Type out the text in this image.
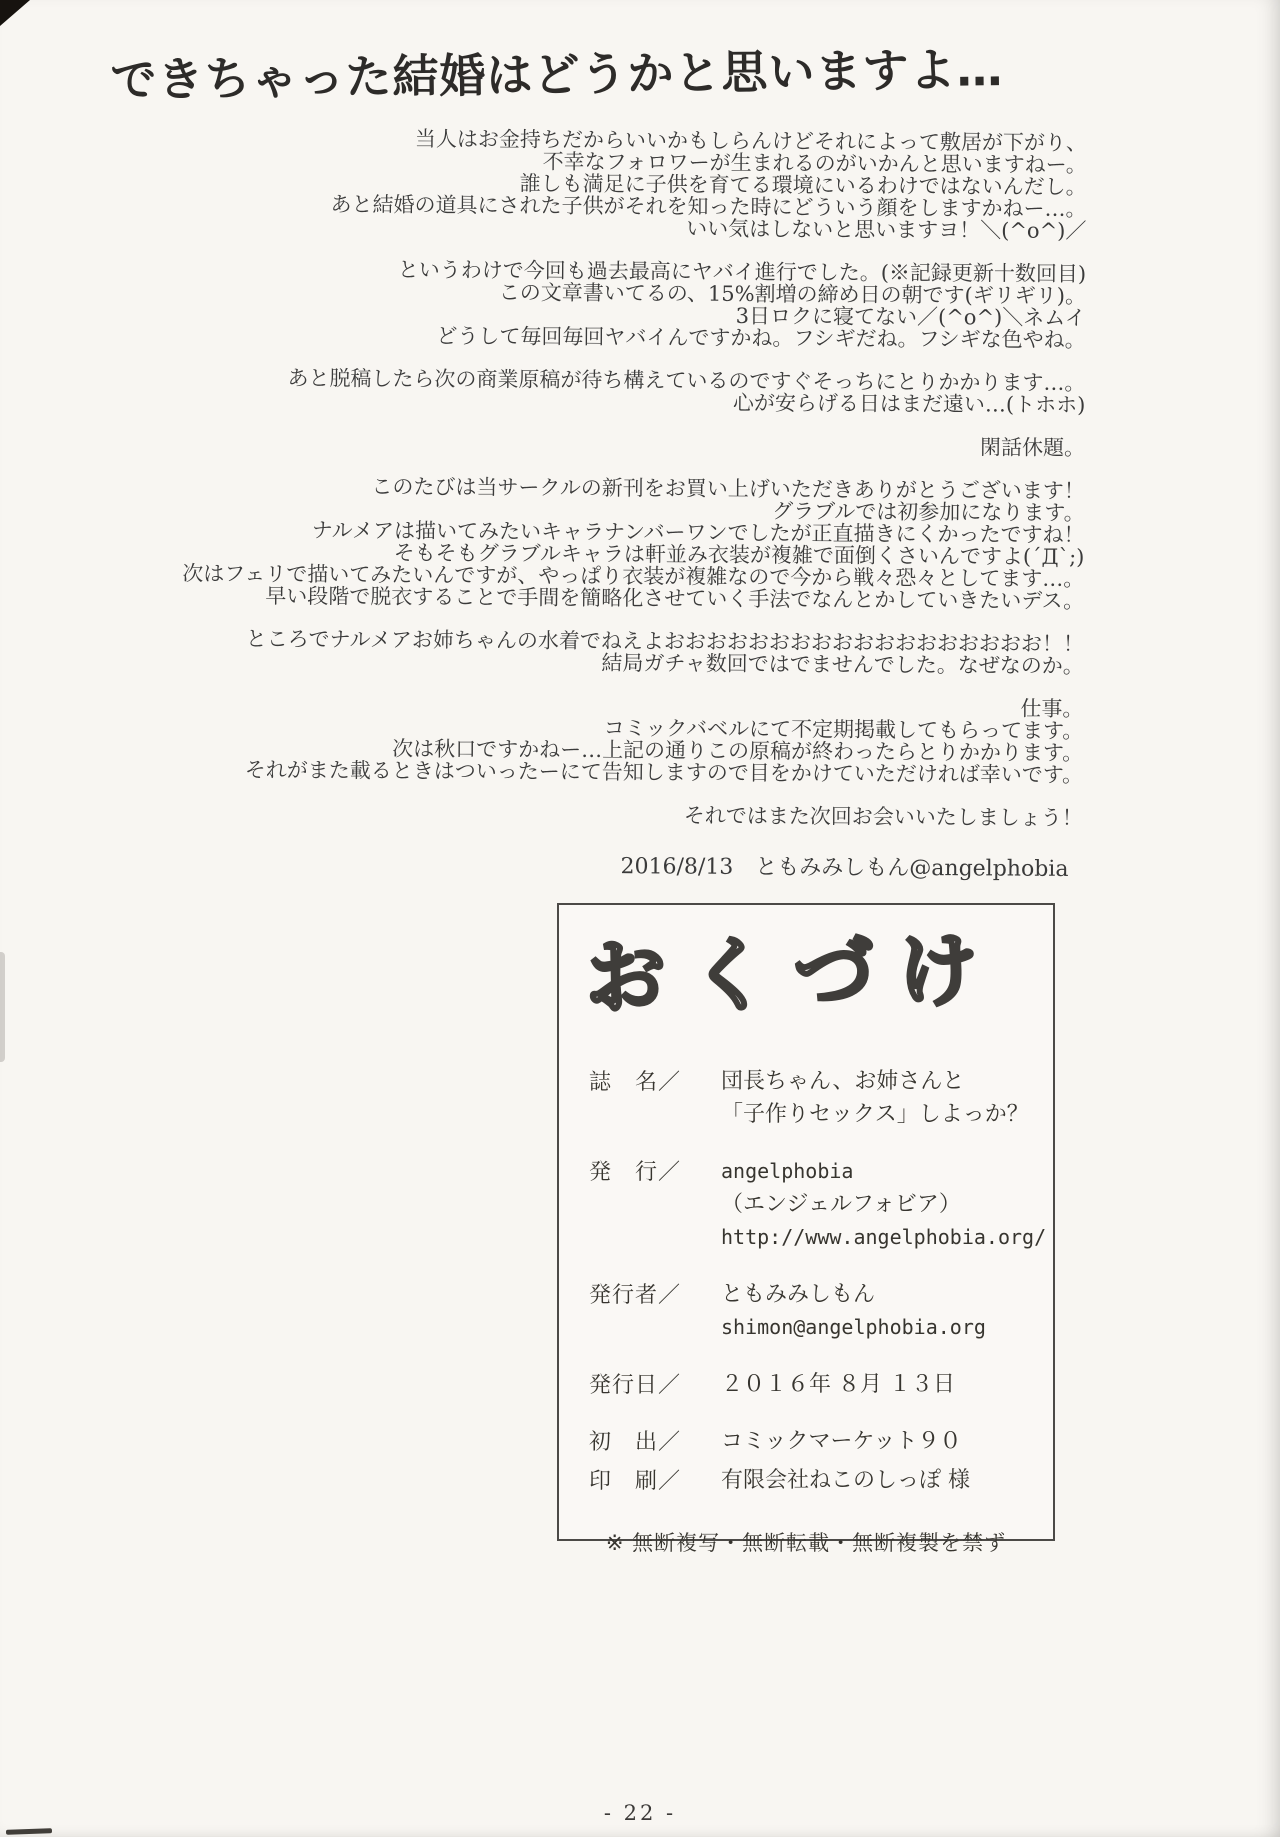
できちゃった結婚はどうかと思いますよ…
当人はお金持ちだからいいかもしらんけどそれによって敷居が下がり、
不幸なフォロワーが生まれるのがいかんと思いますねー。
誰しも満足に子供を育てる環境にいるわけではないんだし。
あと結婚の道具にされた子供がそれを知った時にどういう顔をしますかねー…。
いい気はしないと思いますヨ！＼(^o^)／
というわけで今回も過去最高にヤバイ進行でした。(※記録更新十数回目)
この文章書いてるの、15%割増の締め日の朝です(ギリギリ)。
3日ロクに寝てない／(^o^)＼ネムイ
どうして毎回毎回ヤバイんですかね。フシギだね。フシギな色やね。
あと脱稿したら次の商業原稿が待ち構えているのですぐそっちにとりかかります…。
心が安らげる日はまだ遠い…(トホホ)
閑話休題。
このたびは当サークルの新刊をお買い上げいただきありがとうございます！
グラブルでは初参加になります。
ナルメアは描いてみたいキャラナンバーワンでしたが正直描きにくかったですね！
そもそもグラブルキャラは軒並み衣装が複雑で面倒くさいんですよ(´Д`;)
次はフェリで描いてみたいんですが、やっぱり衣装が複雑なので今から戦々恐々としてます…。
早い段階で脱衣することで手間を簡略化させていく手法でなんとかしていきたいデス。
ところでナルメアお姉ちゃんの水着でねえよおおおおおおおおおおおおおおおおおお！！
結局ガチャ数回ではでませんでした。なぜなのか。
仕事。
コミックバベルにて不定期掲載してもらってます。
次は秋口ですかねー…上記の通りこの原稿が終わったらとりかかります。
それがまた載るときはついったーにて告知しますので目をかけていただければ幸いです。
それではまた次回お会いいたしましょう！
2016/8/13　ともみみしもん@angelphobia
おくづけ
誌　名／	団長ちゃん、お姉さんと
「子作りセックス」しよっか？
発　行／	angelphobia
（エンジェルフォビア）
http://www.angelphobia.org/
発行者／	ともみみしもん
shimon@angelphobia.org
発行日／	２０１６年 ８月 １３日
初　出／	コミックマーケット９０
印　刷／	有限会社ねこのしっぽ 様
※ 無断複写・無断転載・無断複製を禁ず
- 22 -
